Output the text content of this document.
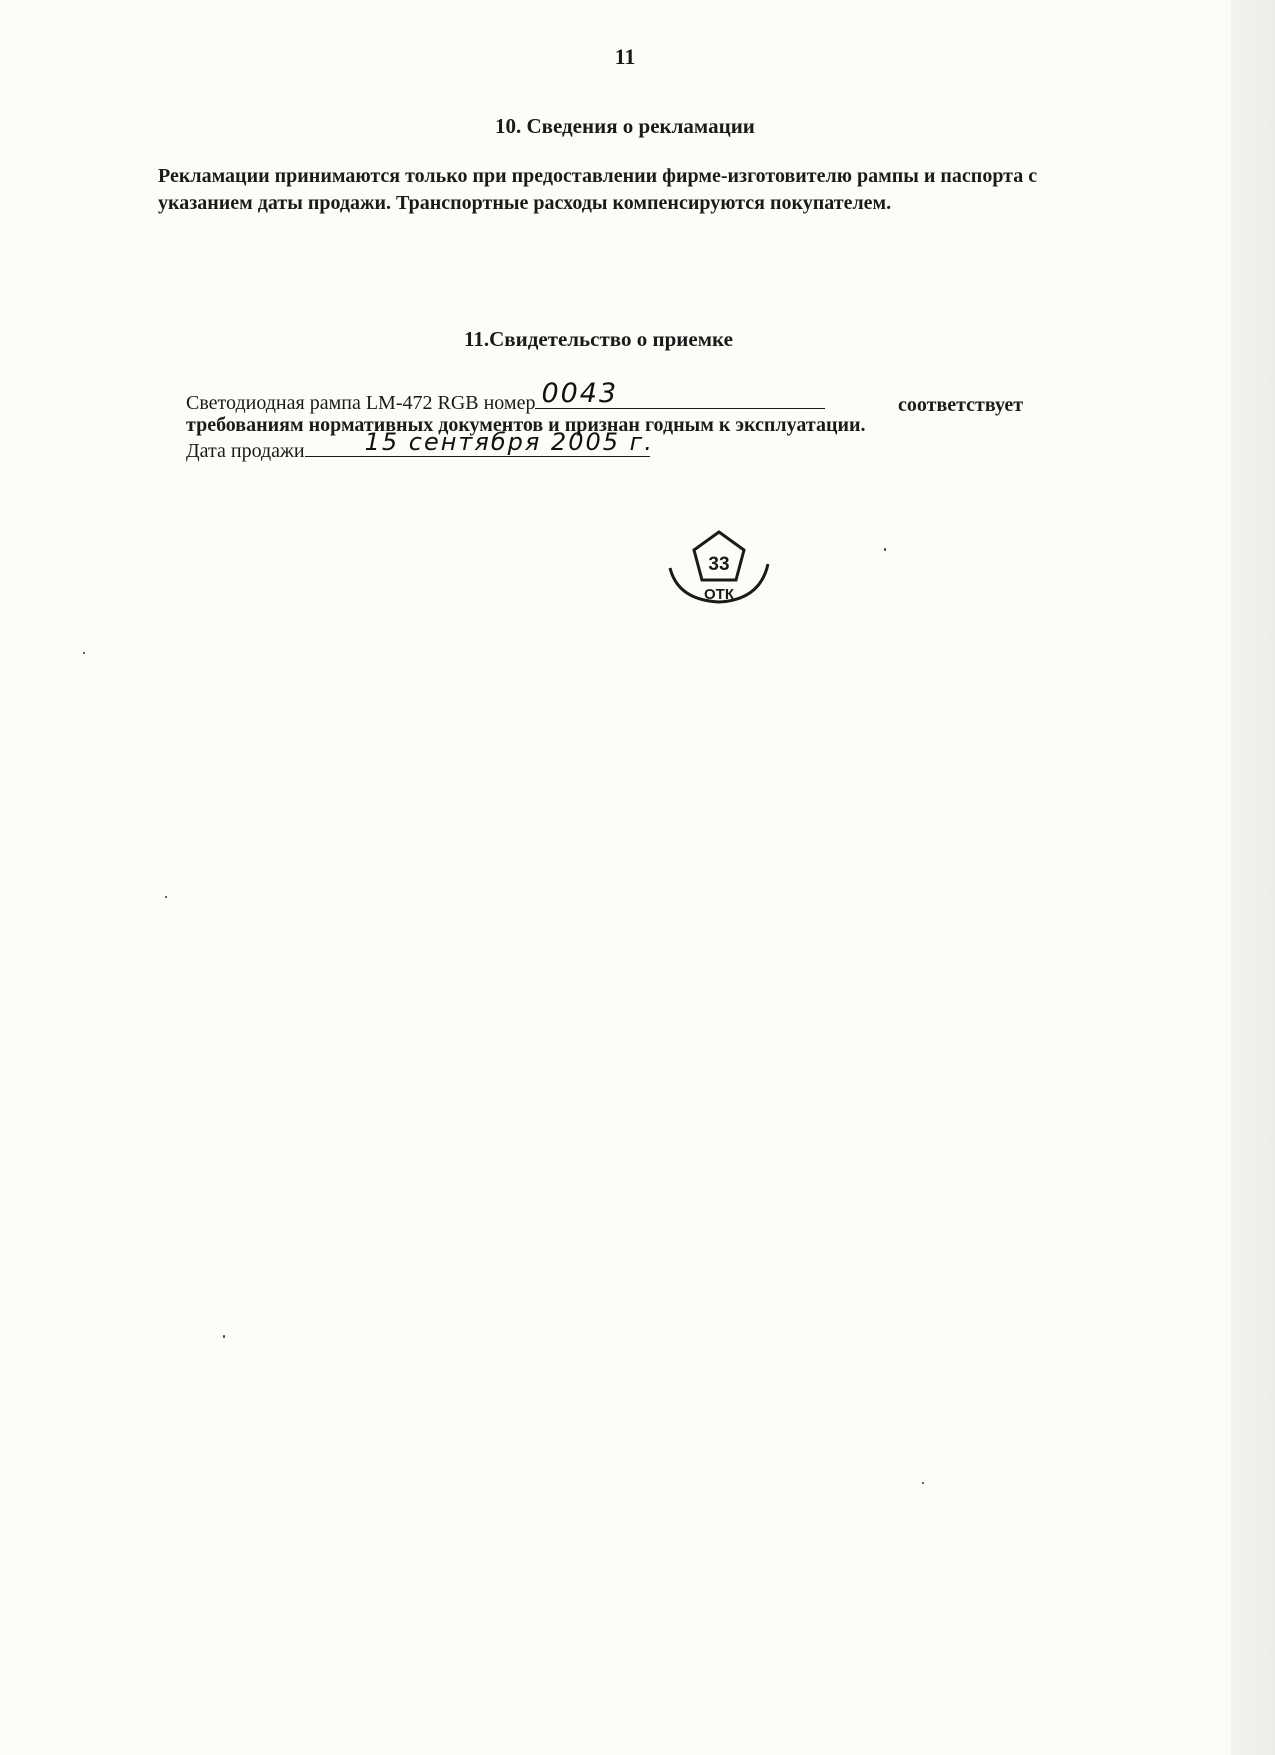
11
10. Сведения о рекламации
Рекламации принимаются только при предоставлении фирме-изготовителю рампы и паспорта с указанием даты продажи. Транспортные расходы компенсируются покупателем.
11.Свидетельство о приемке
Светодиодная рампа LM-472 RGB номер 0043	соответствует
требованиям нормативных документов и признан годным к эксплуатации.
Дата продажи	15 сентября 2005 г.
33
ОТК
